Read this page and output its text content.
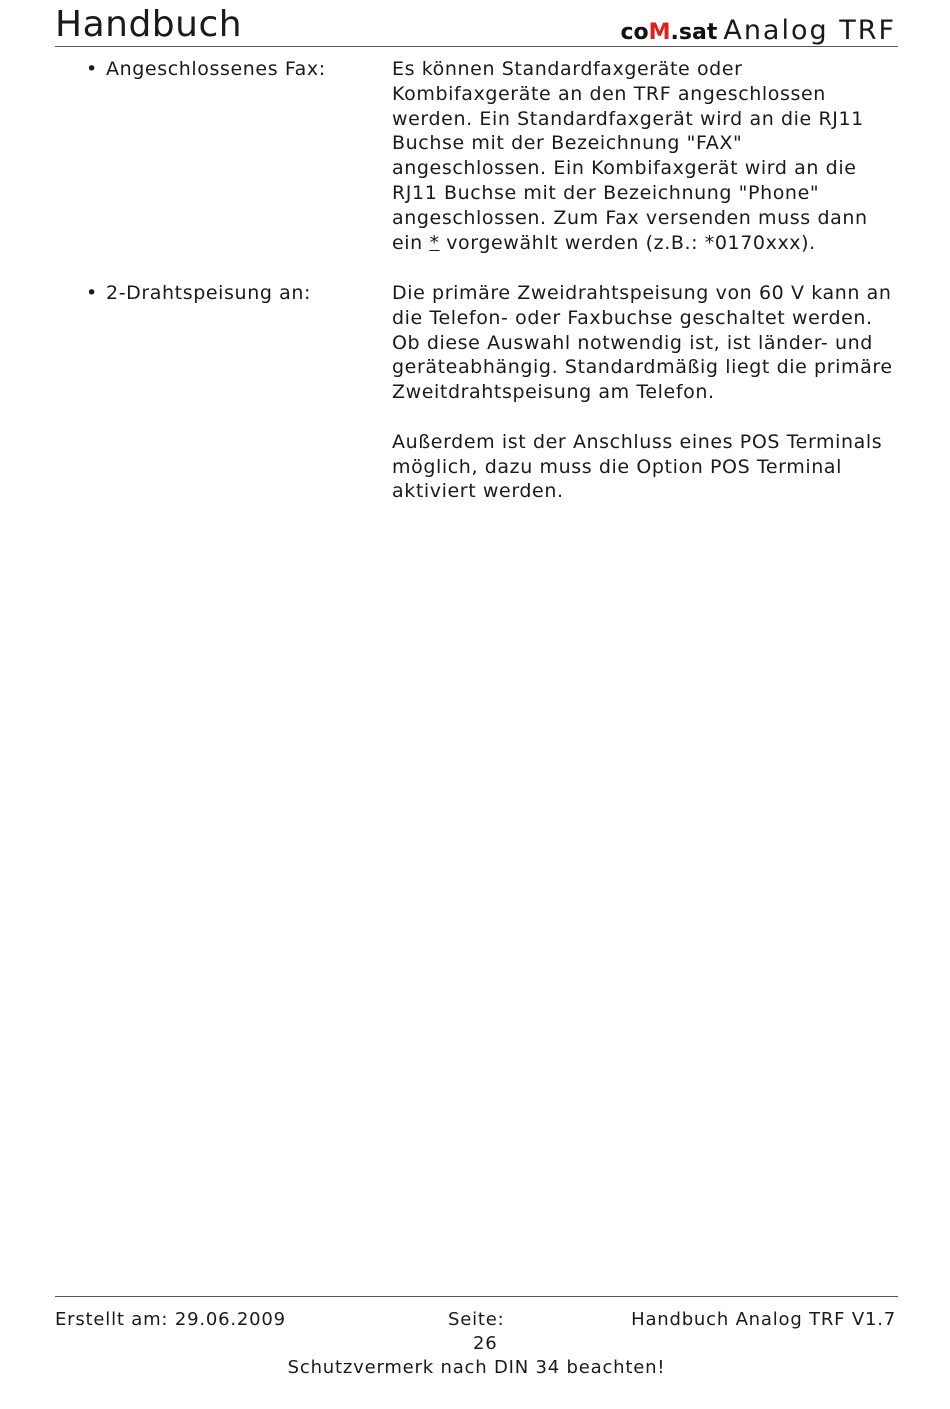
Handbuch	coM.sat Analog TRF
• Angeschlossenes Fax:	Es können Standardfaxgeräte oder Kombifaxgeräte an den TRF angeschlossen werden. Ein Standardfaxgerät wird an die RJ11 Buchse mit der Bezeichnung "FAX" angeschlossen. Ein Kombifaxgerät wird an die RJ11 Buchse mit der Bezeichnung "Phone" angeschlossen. Zum Fax versenden muss dann ein * vorgewählt werden (z.B.: *0170xxx).

• 2-Drahtspeisung an:	Die primäre Zweidrahtspeisung von 60 V kann an die Telefon- oder Faxbuchse geschaltet werden. Ob diese Auswahl notwendig ist, ist länder- und geräteabhängig. Standardmäßig liegt die primäre Zweitdrahtspeisung am Telefon.

Außerdem ist der Anschluss eines POS Terminals möglich, dazu muss die Option POS Terminal aktiviert werden.

Erstellt am: 29.06.2009	Seite:
26
Handbuch Analog TRF V1.7
Schutzvermerk nach DIN 34 beachten!
